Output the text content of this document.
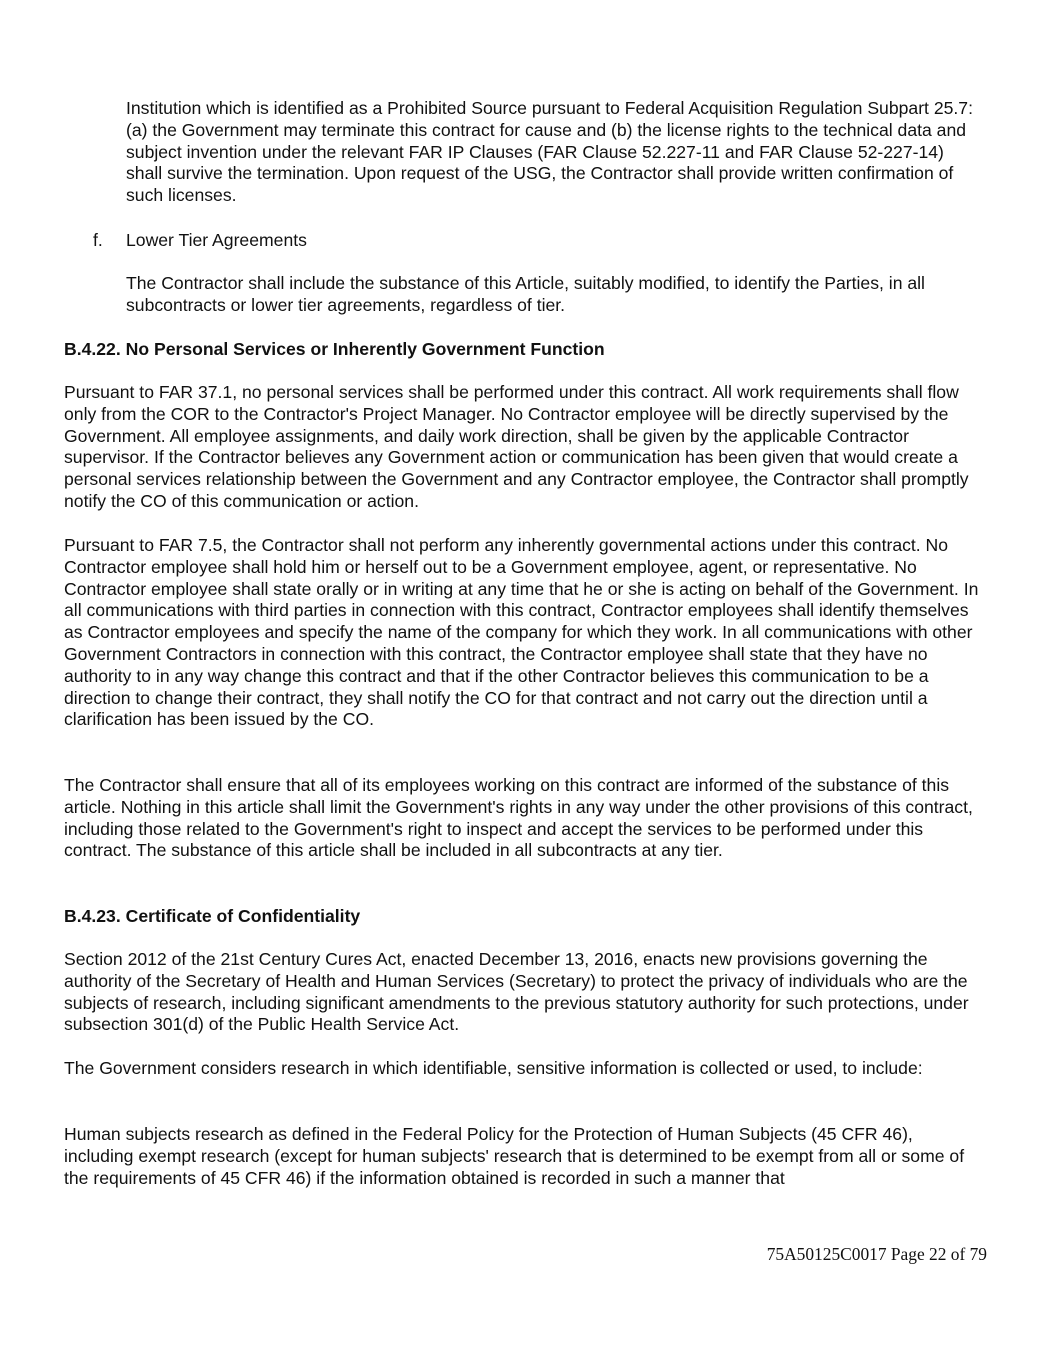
Institution which is identified as a Prohibited Source pursuant to Federal Acquisition Regulation Subpart 25.7: (a) the Government may terminate this contract for cause and (b) the license rights to the technical data and subject invention under the relevant FAR IP Clauses (FAR Clause 52.227-11 and FAR Clause 52-227-14) shall survive the termination. Upon request of the USG, the Contractor shall provide written confirmation of such licenses.

f. Lower Tier Agreements

The Contractor shall include the substance of this Article, suitably modified, to identify the Parties, in all subcontracts or lower tier agreements, regardless of tier.

B.4.22. No Personal Services or Inherently Government Function

Pursuant to FAR 37.1, no personal services shall be performed under this contract. All work requirements shall flow only from the COR to the Contractor's Project Manager. No Contractor employee will be directly supervised by the Government. All employee assignments, and daily work direction, shall be given by the applicable Contractor supervisor. If the Contractor believes any Government action or communication has been given that would create a personal services relationship between the Government and any Contractor employee, the Contractor shall promptly notify the CO of this communication or action.

Pursuant to FAR 7.5, the Contractor shall not perform any inherently governmental actions under this contract. No Contractor employee shall hold him or herself out to be a Government employee, agent, or representative. No Contractor employee shall state orally or in writing at any time that he or she is acting on behalf of the Government. In all communications with third parties in connection with this contract, Contractor employees shall identify themselves as Contractor employees and specify the name of the company for which they work. In all communications with other Government Contractors in connection with this contract, the Contractor employee shall state that they have no authority to in any way change this contract and that if the other Contractor believes this communication to be a direction to change their contract, they shall notify the CO for that contract and not carry out the direction until a clarification has been issued by the CO.

The Contractor shall ensure that all of its employees working on this contract are informed of the substance of this article. Nothing in this article shall limit the Government's rights in any way under the other provisions of this contract, including those related to the Government's right to inspect and accept the services to be performed under this contract. The substance of this article shall be included in all subcontracts at any tier.

B.4.23. Certificate of Confidentiality

Section 2012 of the 21st Century Cures Act, enacted December 13, 2016, enacts new provisions governing the authority of the Secretary of Health and Human Services (Secretary) to protect the privacy of individuals who are the subjects of research, including significant amendments to the previous statutory authority for such protections, under subsection 301(d) of the Public Health Service Act.

The Government considers research in which identifiable, sensitive information is collected or used, to include:

Human subjects research as defined in the Federal Policy for the Protection of Human Subjects (45 CFR 46), including exempt research (except for human subjects' research that is determined to be exempt from all or some of the requirements of 45 CFR 46) if the information obtained is recorded in such a manner that

75A50125C0017 Page 22 of 79
